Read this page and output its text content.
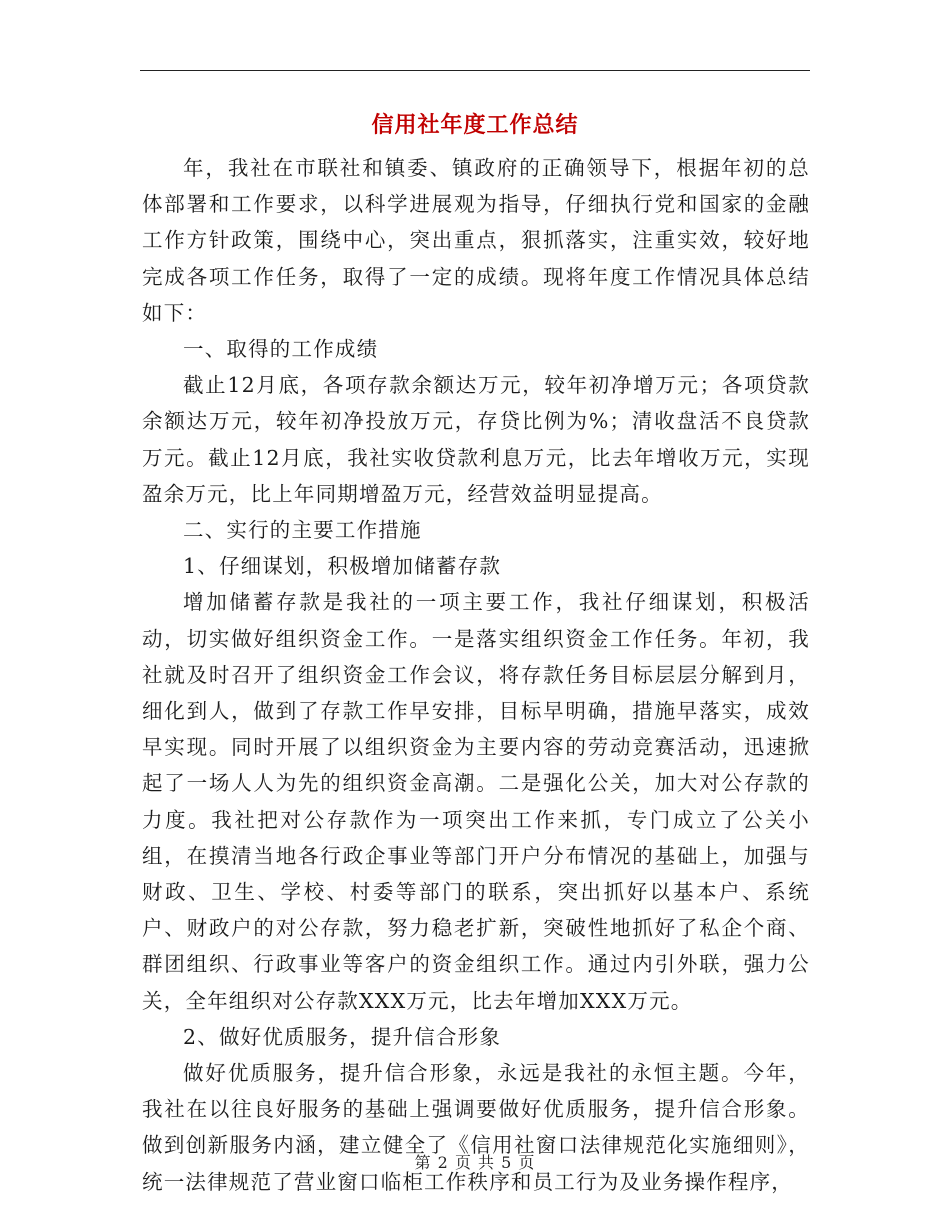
信用社年度工作总结

年，我社在市联社和镇委、镇政府的正确领导下，根据年初的总体部署和工作要求，以科学进展观为指导，仔细执行党和国家的金融工作方针政策，围绕中心，突出重点，狠抓落实，注重实效，较好地完成各项工作任务，取得了一定的成绩。现将年度工作情况具体总结如下：

一、取得的工作成绩

截止12月底，各项存款余额达万元，较年初净增万元；各项贷款余额达万元，较年初净投放万元，存贷比例为%；清收盘活不良贷款万元。截止12月底，我社实收贷款利息万元，比去年增收万元，实现盈余万元，比上年同期增盈万元，经营效益明显提高。

二、实行的主要工作措施

1、仔细谋划，积极增加储蓄存款

增加储蓄存款是我社的一项主要工作，我社仔细谋划，积极活动，切实做好组织资金工作。一是落实组织资金工作任务。年初，我社就及时召开了组织资金工作会议，将存款任务目标层层分解到月，细化到人，做到了存款工作早安排，目标早明确，措施早落实，成效早实现。同时开展了以组织资金为主要内容的劳动竞赛活动，迅速掀起了一场人人为先的组织资金高潮。二是强化公关，加大对公存款的力度。我社把对公存款作为一项突出工作来抓，专门成立了公关小组，在摸清当地各行政企事业等部门开户分布情况的基础上，加强与财政、卫生、学校、村委等部门的联系，突出抓好以基本户、系统户、财政户的对公存款，努力稳老扩新，突破性地抓好了私企个商、群团组织、行政事业等客户的资金组织工作。通过内引外联，强力公关，全年组织对公存款XXX万元，比去年增加XXX万元。

2、做好优质服务，提升信合形象

做好优质服务，提升信合形象，永远是我社的永恒主题。今年，我社在以往良好服务的基础上强调要做好优质服务，提升信合形象。做到创新服务内涵，建立健全了《信用社窗口法律规范化实施细则》，统一法律规范了营业窗口临柜工作秩序和员工行为及业务操作程序，

第 2 页 共 5 页
